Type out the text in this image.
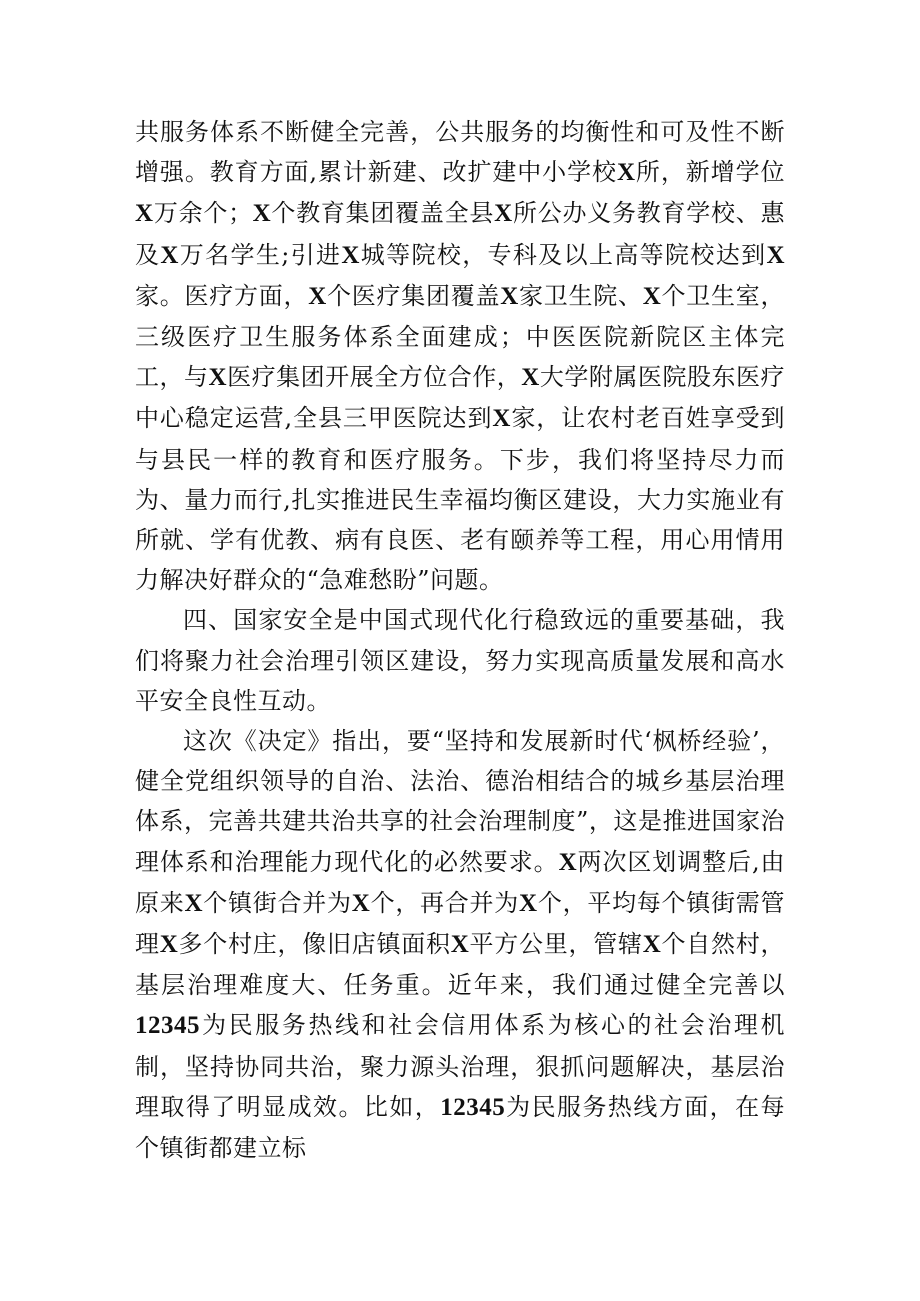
共服务体系不断健全完善，公共服务的均衡性和可及性不断增强。教育方面,累计新建、改扩建中小学校X所，新增学位X万余个；X个教育集团覆盖全县X所公办义务教育学校、惠及X万名学生;引进X城等院校，专科及以上高等院校达到X家。医疗方面，X个医疗集团覆盖X家卫生院、X个卫生室，三级医疗卫生服务体系全面建成；中医医院新院区主体完工，与X医疗集团开展全方位合作，X大学附属医院股东医疗中心稳定运营,全县三甲医院达到X家，让农村老百姓享受到与县民一样的教育和医疗服务。下步，我们将坚持尽力而为、量力而行,扎实推进民生幸福均衡区建设，大力实施业有所就、学有优教、病有良医、老有颐养等工程，用心用情用力解决好群众的“急难愁盼”问题。

四、国家安全是中国式现代化行稳致远的重要基础，我们将聚力社会治理引领区建设，努力实现高质量发展和高水平安全良性互动。

这次《决定》指出，要“坚持和发展新时代‘枫桥经验’，健全党组织领导的自治、法治、德治相结合的城乡基层治理体系，完善共建共治共享的社会治理制度”，这是推进国家治理体系和治理能力现代化的必然要求。X两次区划调整后,由原来X个镇街合并为X个，再合并为X个，平均每个镇街需管理X多个村庄，像旧店镇面积X平方公里，管辖X个自然村，基层治理难度大、任务重。近年来，我们通过健全完善以12345为民服务热线和社会信用体系为核心的社会治理机制，坚持协同共治，聚力源头治理，狠抓问题解决，基层治理取得了明显成效。比如，12345为民服务热线方面，在每个镇街都建立标
